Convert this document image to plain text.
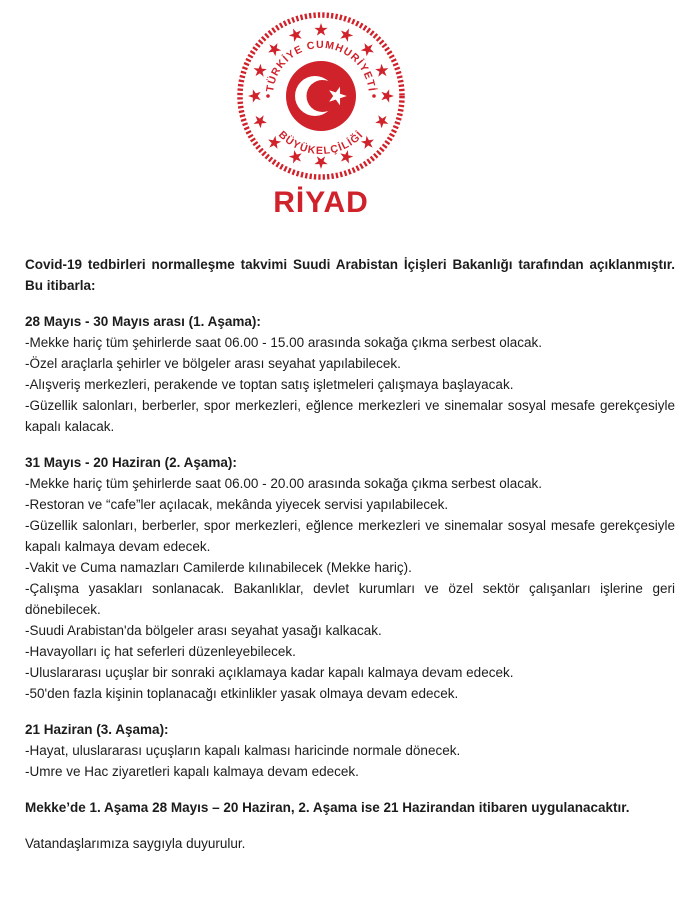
TÜRKİYE CUMHURİYETİ
BÜYÜKELÇİLİĞİ
RİYAD

Covid-19 tedbirleri normalleşme takvimi Suudi Arabistan İçişleri Bakanlığı tarafından açıklanmıştır. Bu itibarla:

28 Mayıs - 30 Mayıs arası (1. Aşama):

-Mekke hariç tüm şehirlerde saat 06.00 - 15.00 arasında sokağa çıkma serbest olacak.

-Özel araçlarla şehirler ve bölgeler arası seyahat yapılabilecek.

-Alışveriş merkezleri, perakende ve toptan satış işletmeleri çalışmaya başlayacak.

-Güzellik salonları, berberler, spor merkezleri, eğlence merkezleri ve sinemalar sosyal mesafe gerekçesiyle kapalı kalacak.

31 Mayıs - 20 Haziran (2. Aşama):

-Mekke hariç tüm şehirlerde saat 06.00 - 20.00 arasında sokağa çıkma serbest olacak.

-Restoran ve “cafe”ler açılacak, mekânda yiyecek servisi yapılabilecek.

-Güzellik salonları, berberler, spor merkezleri, eğlence merkezleri ve sinemalar sosyal mesafe gerekçesiyle kapalı kalmaya devam edecek.

-Vakit ve Cuma namazları Camilerde kılınabilecek (Mekke hariç).

-Çalışma yasakları sonlanacak. Bakanlıklar, devlet kurumları ve özel sektör çalışanları işlerine geri dönebilecek.

-Suudi Arabistan'da bölgeler arası seyahat yasağı kalkacak.

-Havayolları iç hat seferleri düzenleyebilecek.

-Uluslararası uçuşlar bir sonraki açıklamaya kadar kapalı kalmaya devam edecek.

-50'den fazla kişinin toplanacağı etkinlikler yasak olmaya devam edecek.

21 Haziran (3. Aşama):

-Hayat, uluslararası uçuşların kapalı kalması haricinde normale dönecek.

-Umre ve Hac ziyaretleri kapalı kalmaya devam edecek.

Mekke’de 1. Aşama 28 Mayıs – 20 Haziran, 2. Aşama ise 21 Hazirandan itibaren uygulanacaktır.

Vatandaşlarımıza saygıyla duyurulur.
